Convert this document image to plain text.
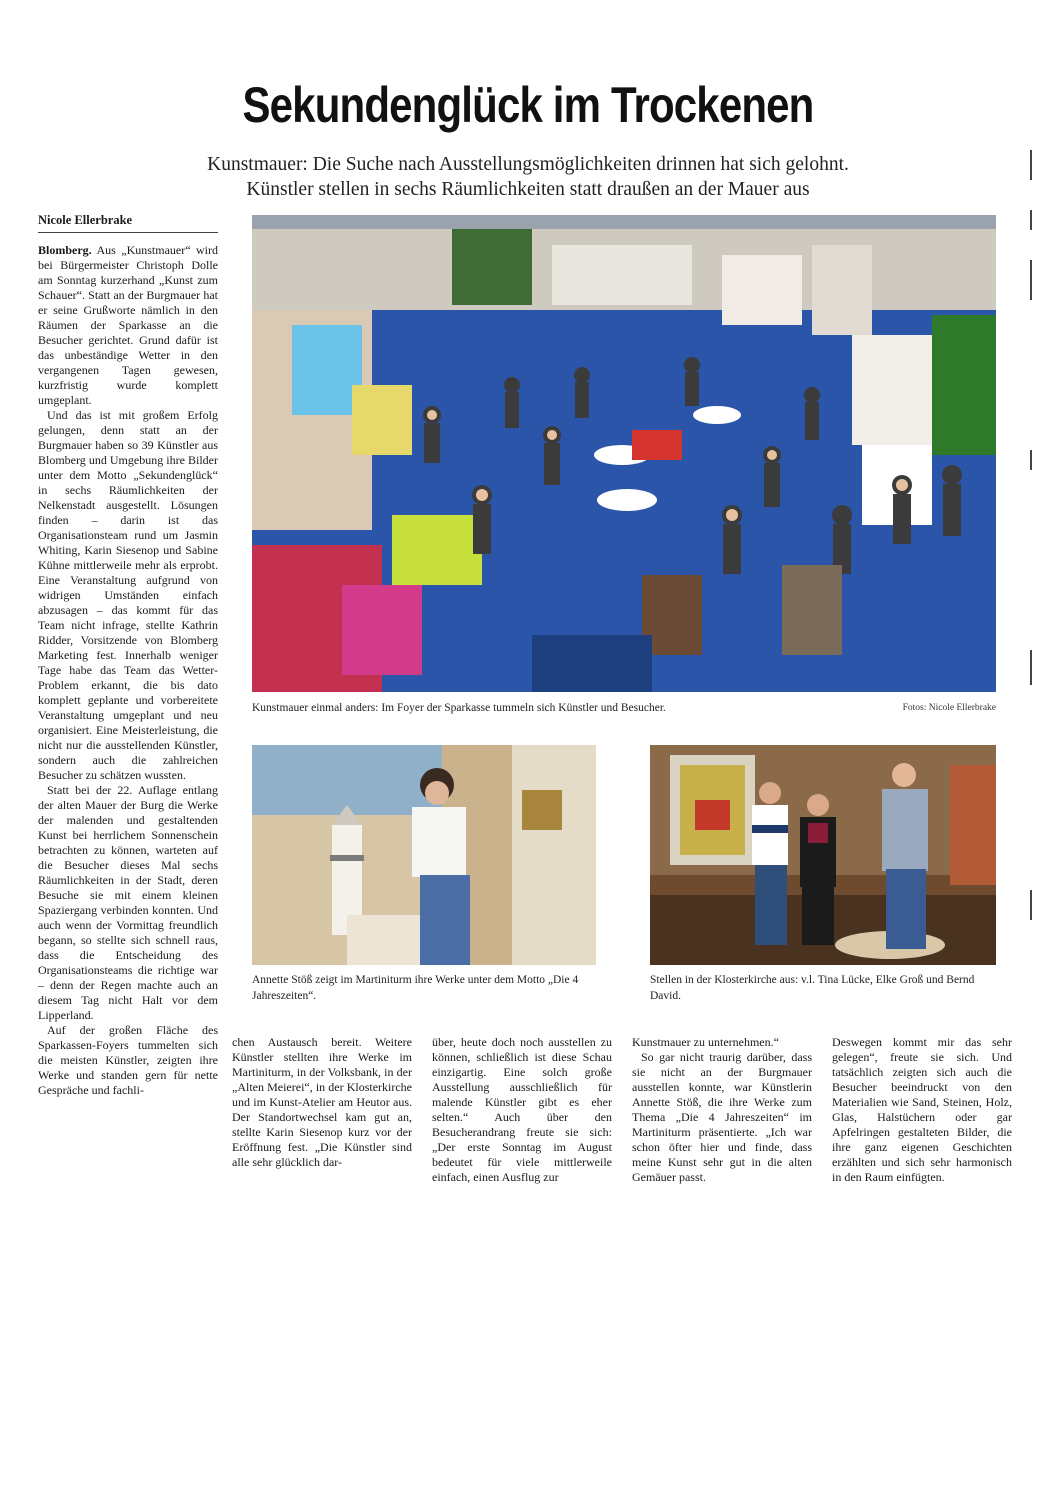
Sekundenglück im Trockenen
Kunstmauer: Die Suche nach Ausstellungsmöglichkeiten drinnen hat sich gelohnt.
Künstler stellen in sechs Räumlichkeiten statt draußen an der Mauer aus
Nicole Ellerbrake

Blomberg. Aus „Kunstmauer“ wird bei Bürgermeister Christoph Dolle am Sonntag kurzerhand „Kunst zum Schauer“. Statt an der Burgmauer hat er seine Grußworte nämlich in den Räumen der Sparkasse an die Besucher gerichtet. Grund dafür ist das unbeständige Wetter in den vergangenen Tagen gewesen, kurzfristig wurde komplett umgeplant.

Und das ist mit großem Erfolg gelungen, denn statt an der Burgmauer haben so 39 Künstler aus Blomberg und Umgebung ihre Bilder unter dem Motto „Sekundenglück“ in sechs Räumlichkeiten der Nelkenstadt ausgestellt. Lösungen finden – darin ist das Organisationsteam rund um Jasmin Whiting, Karin Siesenop und Sabine Kühne mittlerweile mehr als erprobt. Eine Veranstaltung aufgrund von widrigen Umständen einfach abzusagen – das kommt für das Team nicht infrage, stellte Kathrin Ridder, Vorsitzende von Blomberg Marketing fest. Innerhalb weniger Tage habe das Team das Wetter-Problem erkannt, die bis dato komplett geplante und vorbereitete Veranstaltung umgeplant und neu organisiert. Eine Meisterleistung, die nicht nur die ausstellenden Künstler, sondern auch die zahlreichen Besucher zu schätzen wussten.

Statt bei der 22. Auflage entlang der alten Mauer der Burg die Werke der malenden und gestaltenden Kunst bei herrlichem Sonnenschein betrachten zu können, warteten auf die Besucher dieses Mal sechs Räumlichkeiten in der Stadt, deren Besuche sie mit einem kleinen Spaziergang verbinden konnten. Und auch wenn der Vormittag freundlich begann, so stellte sich schnell raus, dass die Entscheidung des Organisationsteams die richtige war – denn der Regen machte auch an diesem Tag nicht Halt vor dem Lipperland.

Auf der großen Fläche des Sparkassen-Foyers tummelten sich die meisten Künstler, zeigten ihre Werke und standen gern für nette Gespräche und fachli-

Kunstmauer einmal anders: Im Foyer der Sparkasse tummeln sich Künstler und Besucher.	Fotos: Nicole Ellerbrake
Annette Stöß zeigt im Martiniturm ihre Werke unter dem Motto „Die 4 Jahreszeiten“.
Stellen in der Klosterkirche aus: v.l. Tina Lücke, Elke Groß und Bernd David.

chen Austausch bereit. Weitere Künstler stellten ihre Werke im Martiniturm, in der Volksbank, in der „Alten Meierei“, in der Klosterkirche und im Kunst-Atelier am Heutor aus. Der Standortwechsel kam gut an, stellte Karin Siesenop kurz vor der Eröffnung fest. „Die Künstler sind alle sehr glücklich dar-

über, heute doch noch ausstellen zu können, schließlich ist diese Schau einzigartig. Eine solch große Ausstellung ausschließlich für malende Künstler gibt es eher selten.“ Auch über den Besucherandrang freute sie sich: „Der erste Sonntag im August bedeutet für viele mittlerweile einfach, einen Ausflug zur

Kunstmauer zu unternehmen.“

So gar nicht traurig darüber, dass sie nicht an der Burgmauer ausstellen konnte, war Künstlerin Annette Stöß, die ihre Werke zum Thema „Die 4 Jahreszeiten“ im Martiniturm präsentierte. „Ich war schon öfter hier und finde, dass meine Kunst sehr gut in die alten Gemäuer passt.

Deswegen kommt mir das sehr gelegen“, freute sie sich. Und tatsächlich zeigten sich auch die Besucher beeindruckt von den Materialien wie Sand, Steinen, Holz, Glas, Halstüchern oder gar Apfelringen gestalteten Bilder, die ihre ganz eigenen Geschichten erzählten und sich sehr harmonisch in den Raum einfügten.
